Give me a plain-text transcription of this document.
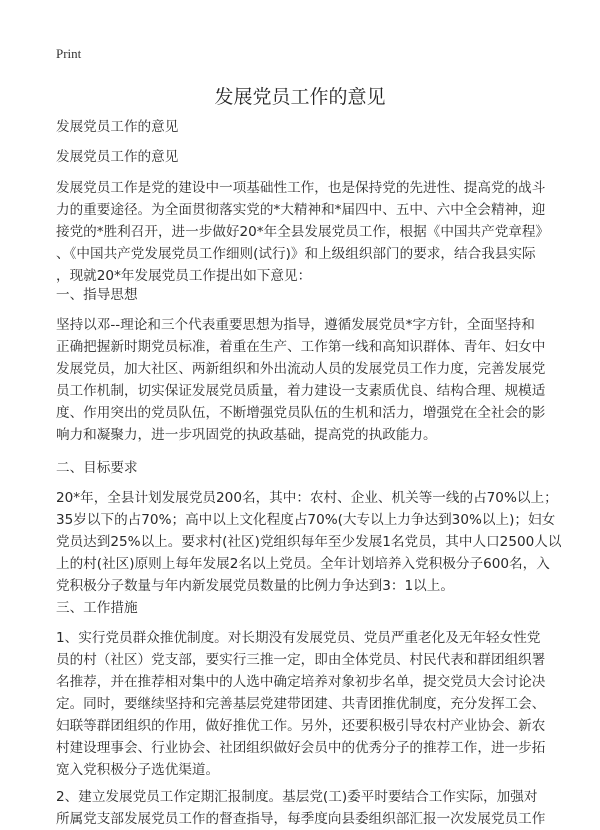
Print
发展党员工作的意见
发展党员工作的意见
发展党员工作的意见
发展党员工作是党的建设中一项基础性工作，也是保持党的先进性、提高党的战斗
力的重要途径。为全面贯彻落实党的*大精神和*届四中、五中、六中全会精神，迎
接党的*胜利召开，进一步做好20*年全县发展党员工作，根据《中国共产党章程》
、《中国共产党发展党员工作细则(试行)》和上级组织部门的要求，结合我县实际
，现就20*年发展党员工作提出如下意见：
一、指导思想
坚持以邓--理论和三个代表重要思想为指导，遵循发展党员*字方针，全面坚持和
正确把握新时期党员标准，着重在生产、工作第一线和高知识群体、青年、妇女中
发展党员，加大社区、两新组织和外出流动人员的发展党员工作力度，完善发展党
员工作机制，切实保证发展党员质量，着力建设一支素质优良、结构合理、规模适
度、作用突出的党员队伍，不断增强党员队伍的生机和活力，增强党在全社会的影
响力和凝聚力，进一步巩固党的执政基础，提高党的执政能力。
二、目标要求
20*年，全县计划发展党员200名，其中：农村、企业、机关等一线的占70%以上；
35岁以下的占70%；高中以上文化程度占70%(大专以上力争达到30%以上)；妇女
党员达到25%以上。要求村(社区)党组织每年至少发展1名党员，其中人口2500人以
上的村(社区)原则上每年发展2名以上党员。全年计划培养入党积极分子600名，入
党积极分子数量与年内新发展党员数量的比例力争达到3：1以上。
三、工作措施
1、实行党员群众推优制度。对长期没有发展党员、党员严重老化及无年轻女性党
员的村（社区）党支部，要实行三推一定，即由全体党员、村民代表和群团组织署
名推荐，并在推荐相对集中的人选中确定培养对象初步名单，提交党员大会讨论决
定。同时，要继续坚持和完善基层党建带团建、共青团推优制度，充分发挥工会、
妇联等群团组织的作用，做好推优工作。另外，还要积极引导农村产业协会、新农
村建设理事会、行业协会、社团组织做好会员中的优秀分子的推荐工作，进一步拓
宽入党积极分子选优渠道。
2、建立发展党员工作定期汇报制度。基层党(工)委平时要结合工作实际，加强对
所属党支部发展党员工作的督查指导，每季度向县委组织部汇报一次发展党员工作
